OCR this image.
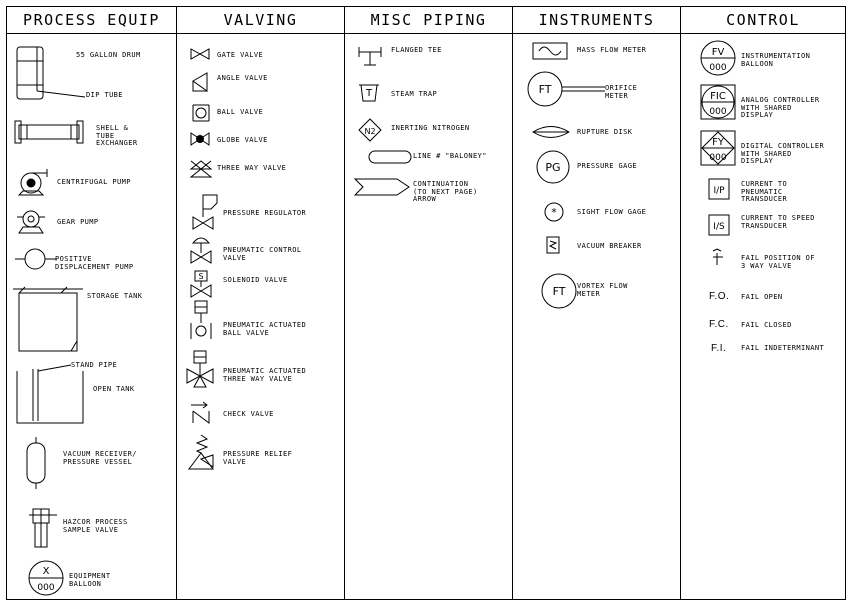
PROCESS EQUIP
55 GALLON DRUM
DIP TUBE
SHELL &
TUBE
EXCHANGER
CENTRIFUGAL PUMP
GEAR PUMP
POSITIVE
DISPLACEMENT PUMP
STORAGE TANK
STAND PIPE
OPEN TANK
VACUUM RECEIVER/
PRESSURE VESSEL
HAZCOR PROCESS
SAMPLE VALVE
X
000
EQUIPMENT
BALLOON
VALVING
GATE VALVE
ANGLE VALVE
BALL VALVE
GLOBE VALVE
THREE WAY VALVE
PRESSURE REGULATOR
PNEUMATIC CONTROL
VALVE
S	SOLENOID VALVE
PNEUMATIC ACTUATED
BALL VALVE
PNEUMATIC ACTUATED
THREE WAY VALVE
CHECK VALVE
PRESSURE RELIEF
VALVE
MISC PIPING
FLANGED TEE
T	STEAM TRAP
N2 INERTING NITROGEN
LINE # "BALONEY"
CONTINUATION
(TO NEXT PAGE)
ARROW
INSTRUMENTS
MASS FLOW METER
FT	ORIFICE
METER
RUPTURE DISK
PG PRESSURE GAGE
*	SIGHT FLOW GAGE
VACUUM BREAKER
FT VORTEX FLOW
METER
CONTROL
FV
000
INSTRUMENTATION
BALLOON
FIC
000
ANALOG CONTROLLER
WITH SHARED
DISPLAY
FY
000
DIGITAL CONTROLLER
WITH SHARED
DISPLAY
I/P
CURRENT TO
PNEUMATIC
TRANSDUCER
I/S
CURRENT TO SPEED
TRANSDUCER
FAIL POSITION OF
3 WAY VALVE
F.O. FAIL OPEN
F.C. FAIL CLOSED
F.I. FAIL INDETERMINANT
